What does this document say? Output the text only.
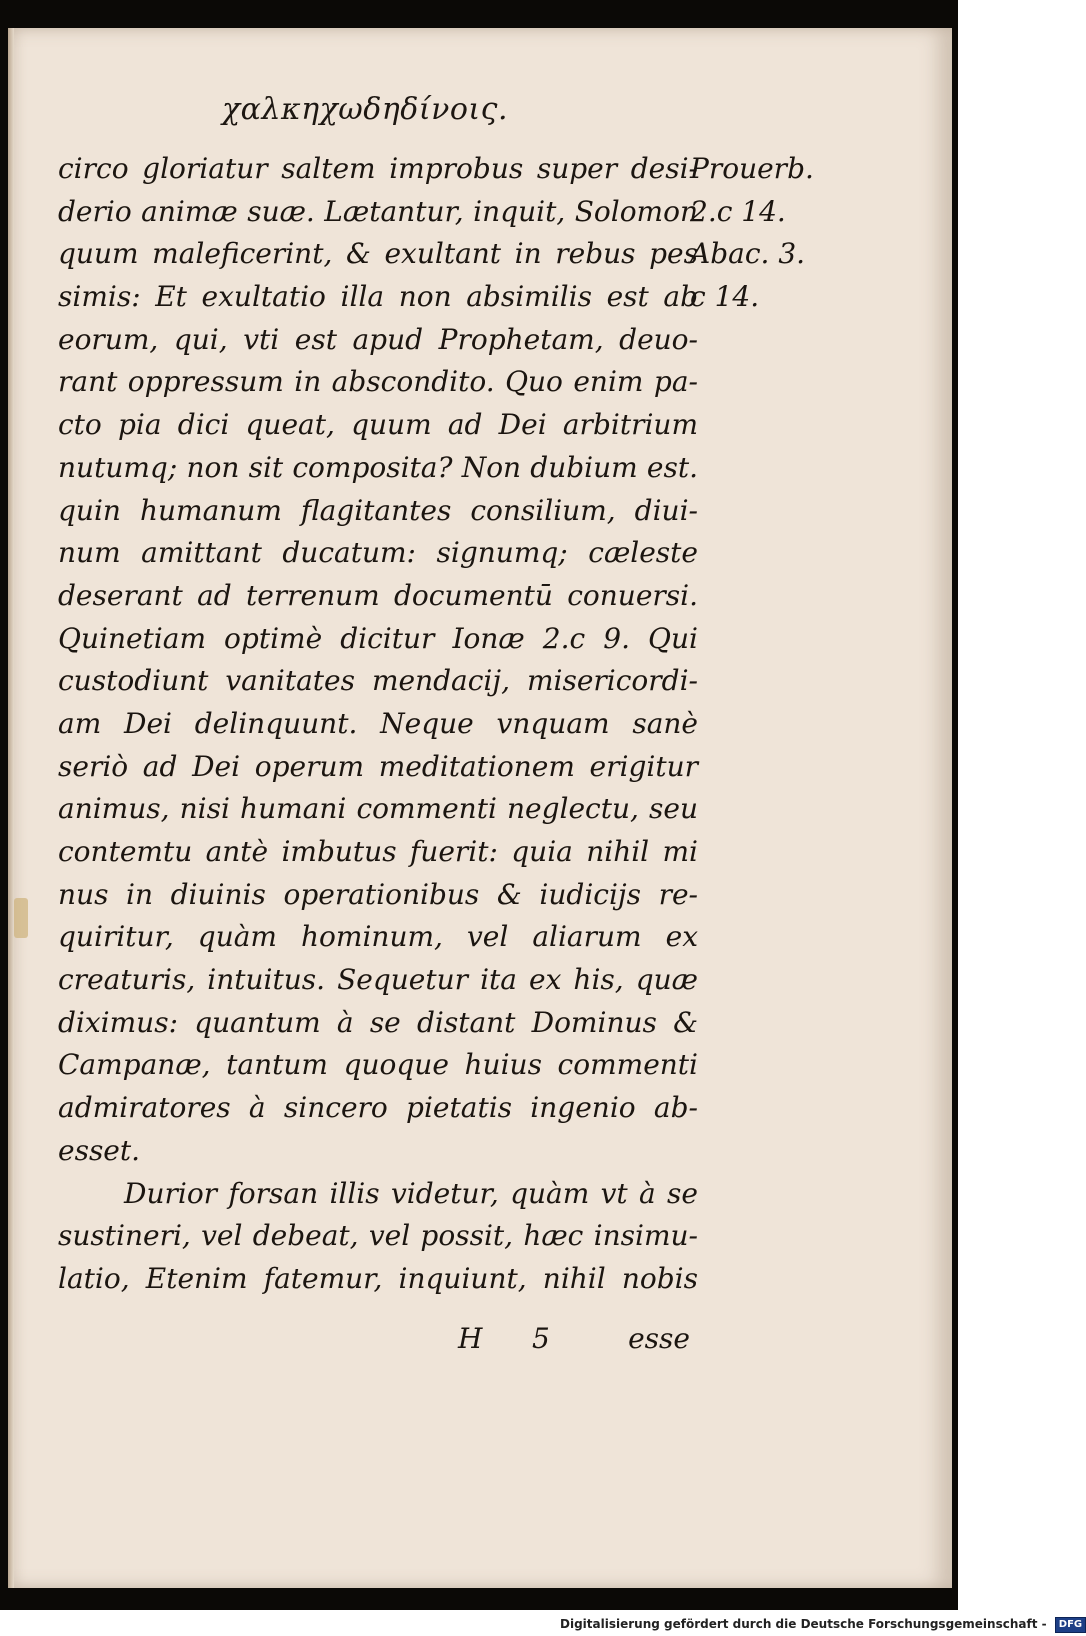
χαλκηχωδηδίνοις.
circo gloriatur saltem improbus super desi-
derio animæ suæ. Lætantur, inquit, Solomon
quum maleficerint, & exultant in rebus pes
simis: Et exultatio illa non absimilis est ab
eorum, qui, vti est apud Prophetam, deuo-
rant oppressum in abscondito. Quo enim pa-
cto pia dici queat, quum ad Dei arbitrium
nutumq; non sit composita? Non dubium est.
quin humanum flagitantes consilium, diui-
num amittant ducatum: signumq; cæleste
deserant ad terrenum documentū conuersi.
Quinetiam optimè dicitur Ionæ 2.c 9. Qui
custodiunt vanitates mendacij, misericordi-
am Dei delinquunt. Neque vnquam sanè
seriò ad Dei operum meditationem erigitur
animus, nisi humani commenti neglectu, seu
contemtu antè imbutus fuerit: quia nihil mi
nus in diuinis operationibus & iudicijs re-
quiritur, quàm hominum, vel aliarum ex
creaturis, intuitus. Sequetur ita ex his, quæ
diximus: quantum à se distant Dominus &
Campanæ, tantum quoque huius commenti
admiratores à sincero pietatis ingenio ab-
esset.
Durior forsan illis videtur, quàm vt à se
sustineri, vel debeat, vel possit, hæc insimu-
latio, Etenim fatemur, inquiunt, nihil nobis
Prouerb.
2.c 14.
Abac. 3.
c 14.
H 5	esse
Digitalisierung gefördert durch die Deutsche Forschungsgemeinschaft - DFG
